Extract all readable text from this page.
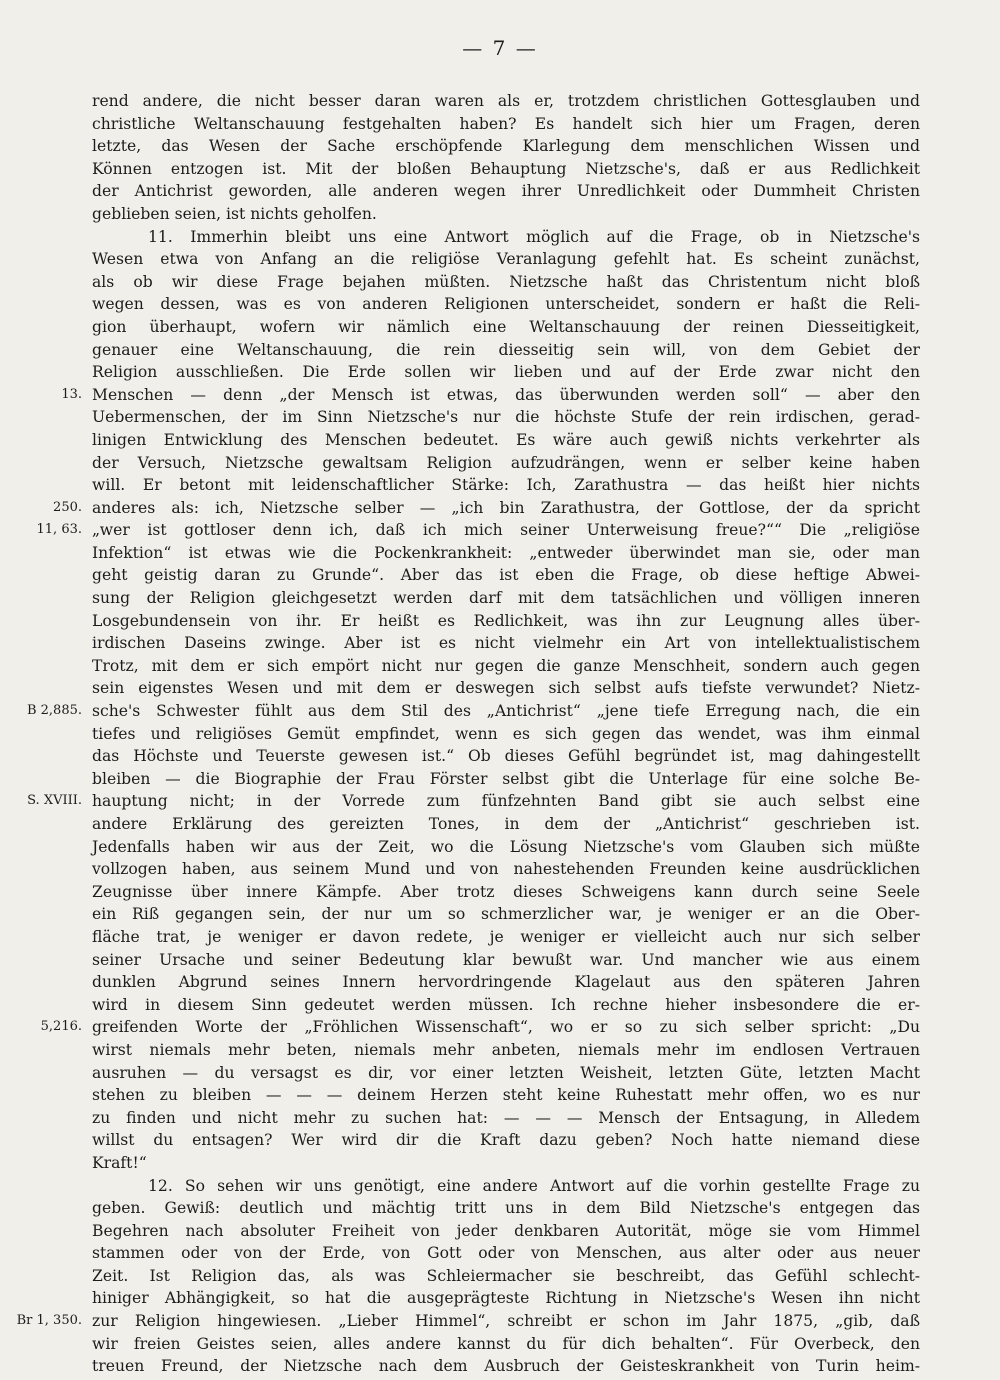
— 7 —
rend andere, die nicht besser daran waren als er, trotzdem christlichen Gottesglauben und
christliche Weltanschauung festgehalten haben? Es handelt sich hier um Fragen, deren
letzte, das Wesen der Sache erschöpfende Klarlegung dem menschlichen Wissen und
Können entzogen ist. Mit der bloßen Behauptung Nietzsche's, daß er aus Redlichkeit
der Antichrist geworden, alle anderen wegen ihrer Unredlichkeit oder Dummheit Christen
geblieben seien, ist nichts geholfen.
11. Immerhin bleibt uns eine Antwort möglich auf die Frage, ob in Nietzsche's
Wesen etwa von Anfang an die religiöse Veranlagung gefehlt hat. Es scheint zunächst,
als ob wir diese Frage bejahen müßten. Nietzsche haßt das Christentum nicht bloß
wegen dessen, was es von anderen Religionen unterscheidet, sondern er haßt die Reli-
gion überhaupt, wofern wir nämlich eine Weltanschauung der reinen Diesseitigkeit,
genauer eine Weltanschauung, die rein diesseitig sein will, von dem Gebiet der
Religion ausschließen. Die Erde sollen wir lieben und auf der Erde zwar nicht den
Menschen — denn „der Mensch ist etwas, das überwunden werden soll“ — aber den
13.
Uebermenschen, der im Sinn Nietzsche's nur die höchste Stufe der rein irdischen, gerad-
linigen Entwicklung des Menschen bedeutet. Es wäre auch gewiß nichts verkehrter als
der Versuch, Nietzsche gewaltsam Religion aufzudrängen, wenn er selber keine haben
will. Er betont mit leidenschaftlicher Stärke: Ich, Zarathustra — das heißt hier nichts
anderes als: ich, Nietzsche selber — „ich bin Zarathustra, der Gottlose, der da spricht
250.
„wer ist gottloser denn ich, daß ich mich seiner Unterweisung freue?““ Die „religiöse
11, 63.
Infektion“ ist etwas wie die Pockenkrankheit: „entweder überwindet man sie, oder man
geht geistig daran zu Grunde“. Aber das ist eben die Frage, ob diese heftige Abwei-
sung der Religion gleichgesetzt werden darf mit dem tatsächlichen und völligen inneren
Losgebundensein von ihr. Er heißt es Redlichkeit, was ihn zur Leugnung alles über-
irdischen Daseins zwinge. Aber ist es nicht vielmehr ein Art von intellektualistischem
Trotz, mit dem er sich empört nicht nur gegen die ganze Menschheit, sondern auch gegen
sein eigenstes Wesen und mit dem er deswegen sich selbst aufs tiefste verwundet? Nietz-
sche's Schwester fühlt aus dem Stil des „Antichrist“ „jene tiefe Erregung nach, die ein
B 2,885.
tiefes und religiöses Gemüt empfindet, wenn es sich gegen das wendet, was ihm einmal
das Höchste und Teuerste gewesen ist.“ Ob dieses Gefühl begründet ist, mag dahingestellt
bleiben — die Biographie der Frau Förster selbst gibt die Unterlage für eine solche Be-
hauptung nicht; in der Vorrede zum fünfzehnten Band gibt sie auch selbst eine
S. XVIII.
andere Erklärung des gereizten Tones, in dem der „Antichrist“ geschrieben ist.
Jedenfalls haben wir aus der Zeit, wo die Lösung Nietzsche's vom Glauben sich müßte
vollzogen haben, aus seinem Mund und von nahestehenden Freunden keine ausdrücklichen
Zeugnisse über innere Kämpfe. Aber trotz dieses Schweigens kann durch seine Seele
ein Riß gegangen sein, der nur um so schmerzlicher war, je weniger er an die Ober-
fläche trat, je weniger er davon redete, je weniger er vielleicht auch nur sich selber
seiner Ursache und seiner Bedeutung klar bewußt war. Und mancher wie aus einem
dunklen Abgrund seines Innern hervordringende Klagelaut aus den späteren Jahren
wird in diesem Sinn gedeutet werden müssen. Ich rechne hieher insbesondere die er-
greifenden Worte der „Fröhlichen Wissenschaft“, wo er so zu sich selber spricht: „Du
5,216.
wirst niemals mehr beten, niemals mehr anbeten, niemals mehr im endlosen Vertrauen
ausruhen — du versagst es dir, vor einer letzten Weisheit, letzten Güte, letzten Macht
stehen zu bleiben — — — deinem Herzen steht keine Ruhestatt mehr offen, wo es nur
zu finden und nicht mehr zu suchen hat: — — — Mensch der Entsagung, in Alledem
willst du entsagen? Wer wird dir die Kraft dazu geben? Noch hatte niemand diese
Kraft!“
12. So sehen wir uns genötigt, eine andere Antwort auf die vorhin gestellte Frage zu
geben. Gewiß: deutlich und mächtig tritt uns in dem Bild Nietzsche's entgegen das
Begehren nach absoluter Freiheit von jeder denkbaren Autorität, möge sie vom Himmel
stammen oder von der Erde, von Gott oder von Menschen, aus alter oder aus neuer
Zeit. Ist Religion das, als was Schleiermacher sie beschreibt, das Gefühl schlecht-
hiniger Abhängigkeit, so hat die ausgeprägteste Richtung in Nietzsche's Wesen ihn nicht
zur Religion hingewiesen. „Lieber Himmel“, schreibt er schon im Jahr 1875, „gib, daß
Br 1, 350.
wir freien Geistes seien, alles andere kannst du für dich behalten“. Für Overbeck, den
treuen Freund, der Nietzsche nach dem Ausbruch der Geisteskrankheit von Turin heim-
